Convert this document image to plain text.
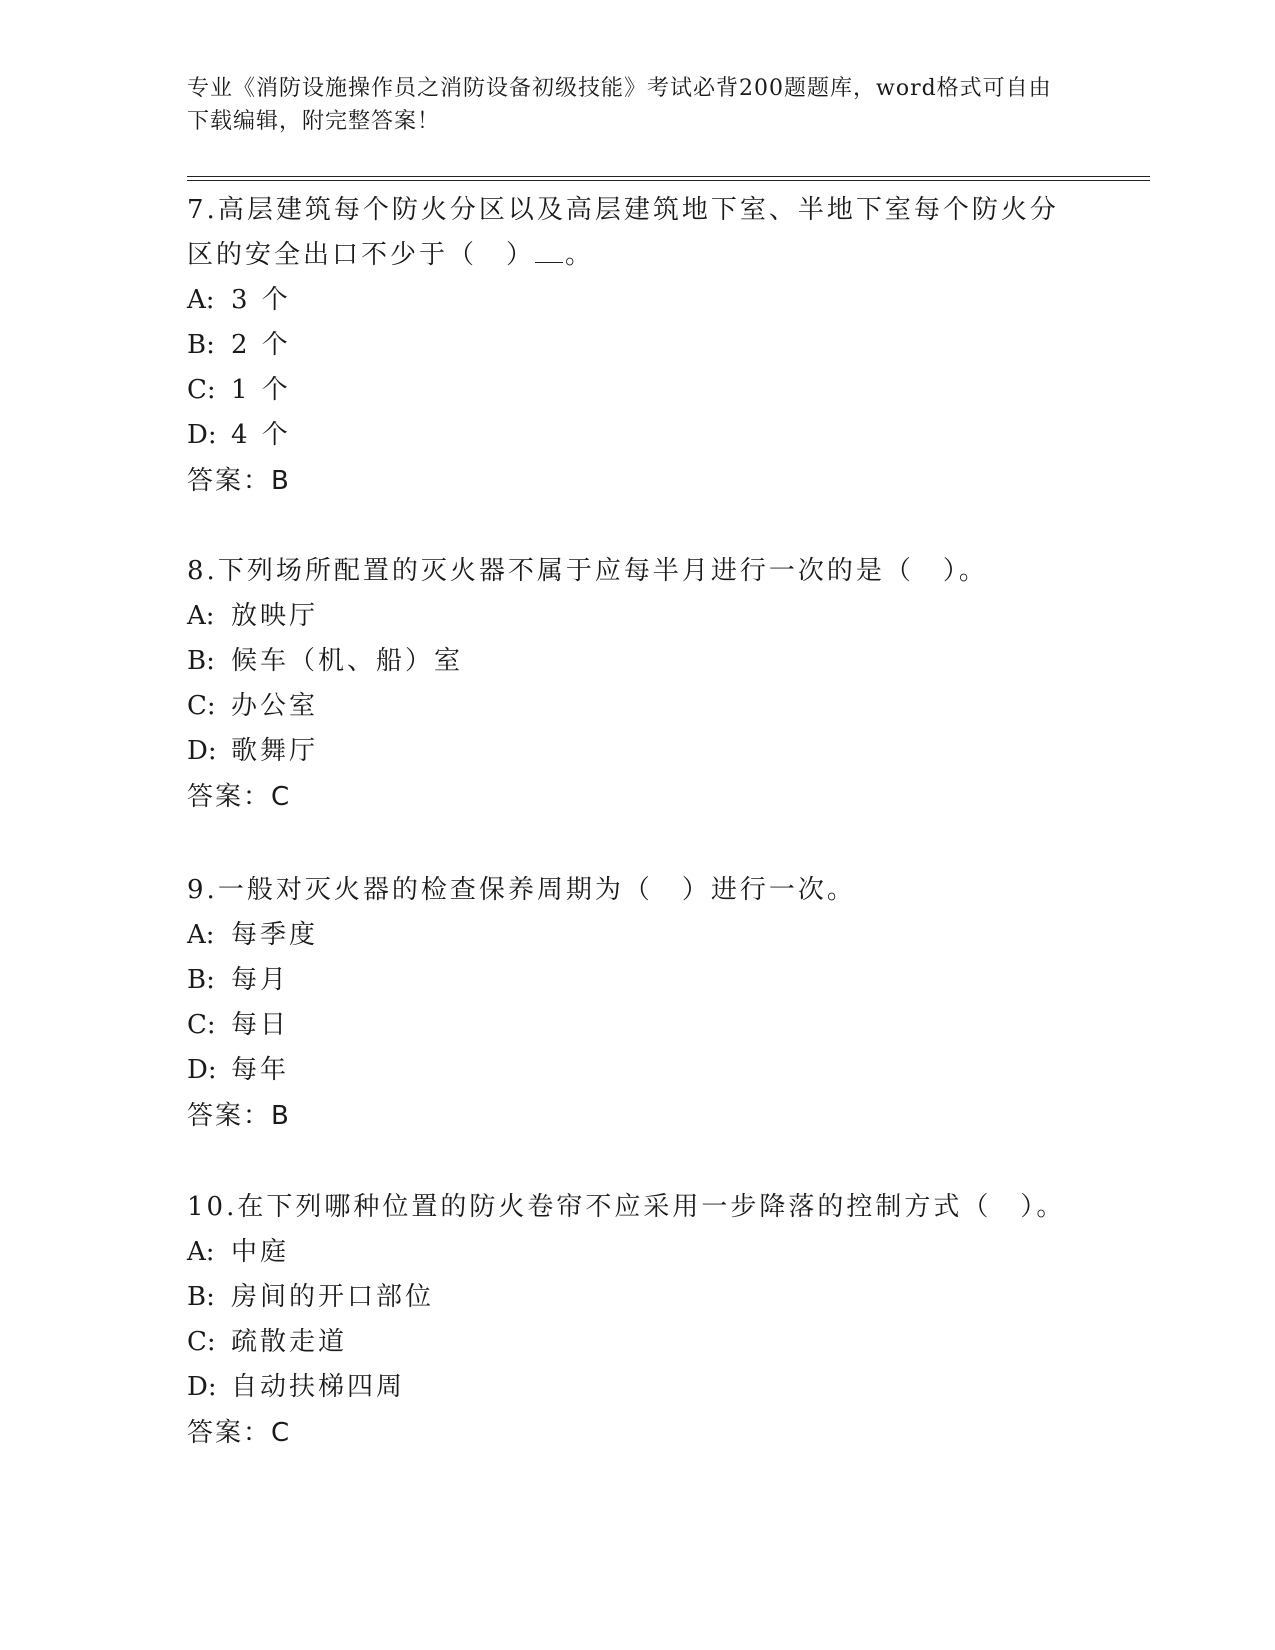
专业《消防设施操作员之消防设备初级技能》考试必背200题题库，word格式可自由下载编辑，附完整答案！
7.高层建筑每个防火分区以及高层建筑地下室、半地下室每个防火分区的安全出口不少于（　） 。
A: 3 个
B: 2 个
C: 1 个
D: 4 个
答案：B
8.下列场所配置的灭火器不属于应每半月进行一次的是（　）。
A: 放映厅
B: 候车（机、船）室
C: 办公室
D: 歌舞厅
答案：C
9.一般对灭火器的检查保养周期为（　）进行一次。
A: 每季度
B: 每月
C: 每日
D: 每年
答案：B
10.在下列哪种位置的防火卷帘不应采用一步降落的控制方式（　）。
A: 中庭
B: 房间的开口部位
C: 疏散走道
D: 自动扶梯四周
答案：C
